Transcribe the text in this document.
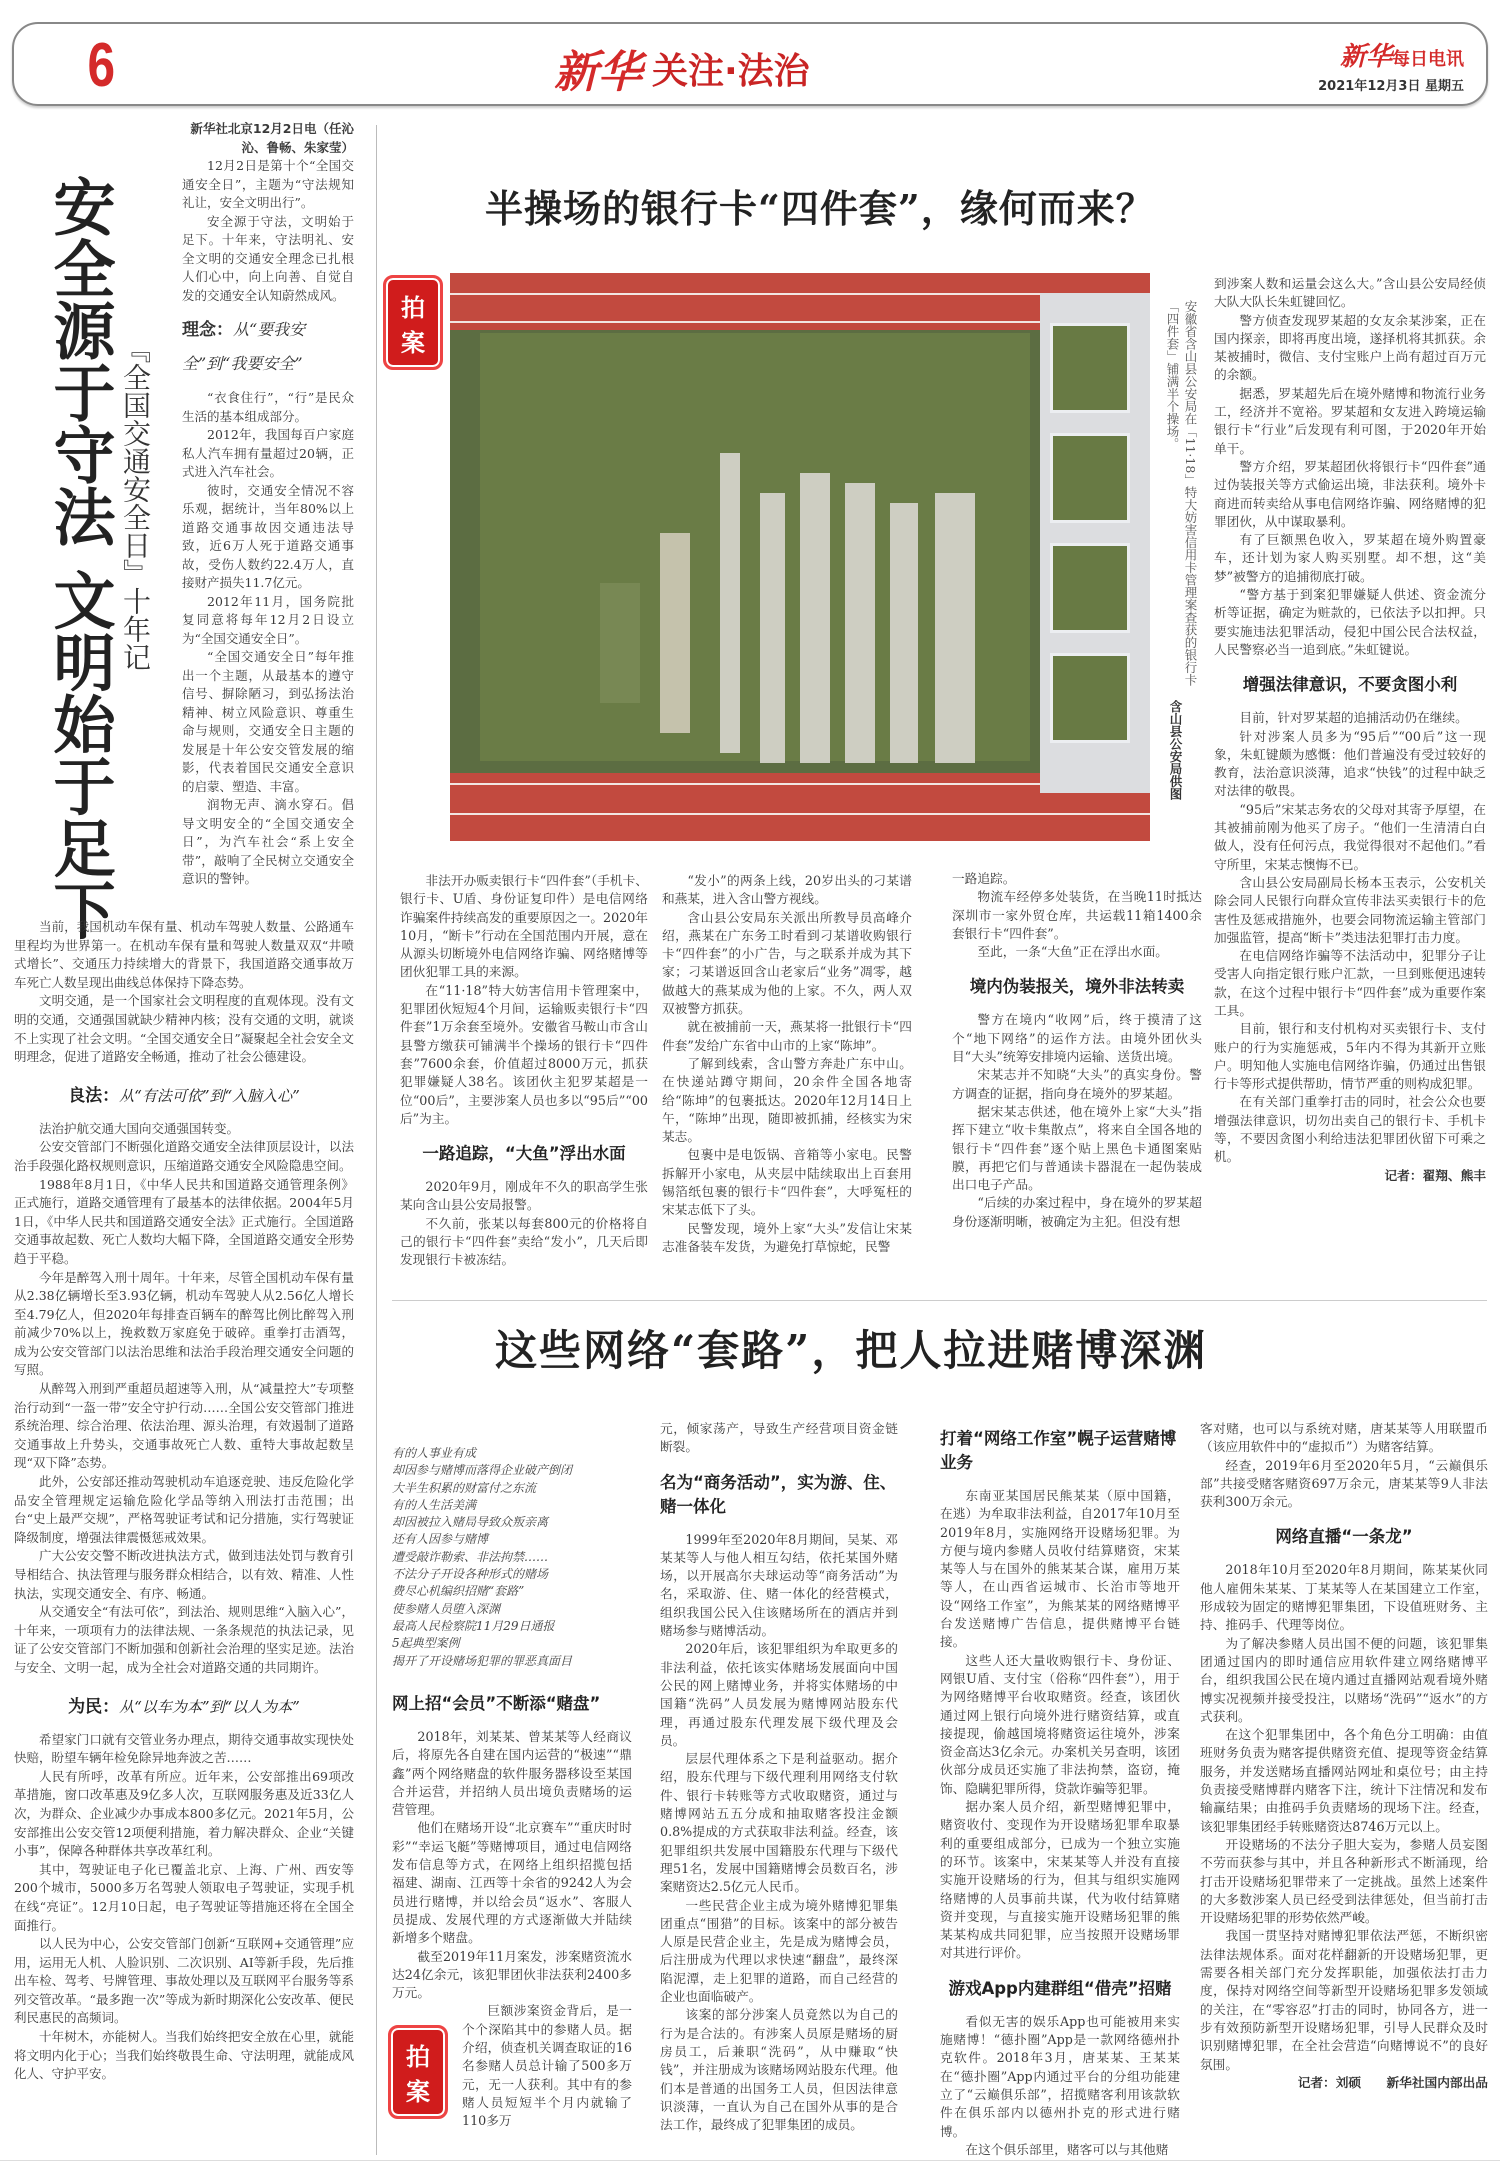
6	新华 关注·法治	新华每日电讯
2021年12月3日 星期五
安全源于守法 文明始于足下 『全国交通安全日』十年记

新华社北京12月2日电（任沁沁、鲁畅、朱家莹）

12月2日是第十个“全国交通安全日”，主题为“守法规知礼让，安全文明出行”。

安全源于守法，文明始于足下。十年来，守法明礼、安全文明的交通安全理念已扎根人们心中，向上向善、自觉自发的交通安全认知蔚然成风。

理念：从“要我安全”到“我要安全”

“衣食住行”，“行”是民众生活的基本组成部分。

2012年，我国每百户家庭私人汽车拥有量超过20辆，正式进入汽车社会。

彼时，交通安全情况不容乐观，据统计，当年80%以上道路交通事故因交通违法导致，近6万人死于道路交通事故，受伤人数约22.4万人，直接财产损失11.7亿元。

2012年11月，国务院批复同意将每年12月2日设立为“全国交通安全日”。

“全国交通安全日”每年推出一个主题，从最基本的遵守信号、摒除陋习，到弘扬法治精神、树立风险意识、尊重生命与规则，交通安全日主题的发展是十年公安交管发展的缩影，代表着国民交通安全意识的启蒙、塑造、丰富。

润物无声、滴水穿石。倡导文明安全的“全国交通安全日”，为汽车社会“系上安全带”，敲响了全民树立交通安全意识的警钟。

当前，我国机动车保有量、机动车驾驶人数量、公路通车里程均为世界第一。在机动车保有量和驾驶人数量双双“井喷式增长”、交通压力持续增大的背景下，我国道路交通事故万车死亡人数呈现出曲线总体保持下降态势。

文明交通，是一个国家社会文明程度的直观体现。没有文明的交通，交通强国就缺少精神内核；没有交通的文明，就谈不上实现了社会文明。“全国交通安全日”凝聚起全社会安全文明理念，促进了道路安全畅通，推动了社会公德建设。

良法：从“有法可依”到“入脑入心”

法治护航交通大国向交通强国转变。

公安交管部门不断强化道路交通安全法律顶层设计，以法治手段强化路权规则意识，压缩道路交通安全风险隐患空间。

1988年8月1日，《中华人民共和国道路交通管理条例》正式施行，道路交通管理有了最基本的法律依据。2004年5月1日，《中华人民共和国道路交通安全法》正式施行。全国道路交通事故起数、死亡人数均大幅下降，全国道路交通安全形势趋于平稳。

今年是醉驾入刑十周年。十年来，尽管全国机动车保有量从2.38亿辆增长至3.93亿辆，机动车驾驶人从2.56亿人增长至4.79亿人，但2020年每排查百辆车的醉驾比例比醉驾入刑前减少70%以上，挽救数万家庭免于破碎。重拳打击酒驾，成为公安交管部门以法治思维和法治手段治理交通安全问题的写照。

从醉驾入刑到严重超员超速等入刑，从“减量控大”专项整治行动到“一盔一带”安全守护行动……全国公安交管部门推进系统治理、综合治理、依法治理、源头治理，有效遏制了道路交通事故上升势头，交通事故死亡人数、重特大事故起数呈现“双下降”态势。

此外，公安部还推动驾驶机动车追逐竞驶、违反危险化学品安全管理规定运输危险化学品等纳入刑法打击范围；出台“史上最严交规”，严格驾驶证考试和记分措施，实行驾驶证降级制度，增强法律震慑惩戒效果。

广大公安交警不断改进执法方式，做到违法处罚与教育引导相结合、执法管理与服务群众相结合，以有效、精准、人性执法，实现交通安全、有序、畅通。

从交通安全“有法可依”，到法治、规则思维“入脑入心”，十年来，一项项有力的法律法规、一条条规范的执法记录，见证了公安交管部门不断加强和创新社会治理的坚实足迹。法治与安全、文明一起，成为全社会对道路交通的共同期许。

为民：从“以车为本”到“以人为本”

希望家门口就有交管业务办理点，期待交通事故实现快处快赔，盼望车辆年检免除异地奔波之苦……

人民有所呼，改革有所应。近年来，公安部推出69项改革措施，窗口改革惠及9亿多人次，互联网服务惠及近33亿人次，为群众、企业减少办事成本800多亿元。2021年5月，公安部推出公安交管12项便利措施，着力解决群众、企业“关键小事”，保障各种群体共享改革红利。

其中，驾驶证电子化已覆盖北京、上海、广州、西安等200个城市，5000多万名驾驶人领取电子驾驶证，实现手机在线“亮证”。12月10日起，电子驾驶证等措施还将在全国全面推行。

以人民为中心，公安交管部门创新“互联网+交通管理”应用，运用无人机、人脸识别、二次识别、AI等新手段，先后推出车检、驾考、号牌管理、事故处理以及互联网平台服务等系列交管改革。“最多跑一次”等成为新时期深化公安改革、便民利民惠民的高频词。

十年树木，亦能树人。当我们始终把安全放在心里，就能将文明内化于心；当我们始终敬畏生命、守法明理，就能成风化人、守护平安。

半操场的银行卡“四件套”，缘何而来？
拍
案	安徽省含山县公安局在「11·18」特大妨害信用卡管理案查获的银行卡「四件套」铺满半个操场。
含山县公安局供图

非法开办贩卖银行卡“四件套”（手机卡、银行卡、U盾、身份证复印件）是电信网络诈骗案件持续高发的重要原因之一。2020年10月，“断卡”行动在全国范围内开展，意在从源头切断境外电信网络诈骗、网络赌博等团伙犯罪工具的来源。

在“11·18”特大妨害信用卡管理案中，犯罪团伙短短4个月间，运输贩卖银行卡“四件套”1万余套至境外。安徽省马鞍山市含山县警方缴获可铺满半个操场的银行卡“四件套”7600余套，价值超过8000万元，抓获犯罪嫌疑人38名。该团伙主犯罗某超是一位“00后”，主要涉案人员也多以“95后”“00后”为主。

一路追踪，“大鱼”浮出水面

2020年9月，刚成年不久的职高学生张某向含山县公安局报警。

不久前，张某以每套800元的价格将自己的银行卡“四件套”卖给“发小”，几天后即发现银行卡被冻结。

“发小”的两条上线，20岁出头的刁某谱和燕某，进入含山警方视线。

含山县公安局东关派出所教导员高峰介绍，燕某在广东务工时看到刁某谱收购银行卡“四件套”的小广告，与之联系并成为其下家；刁某谱返回含山老家后“业务”凋零，越做越大的燕某成为他的上家。不久，两人双双被警方抓获。

就在被捕前一天，燕某将一批银行卡“四件套”发给广东省中山市的上家“陈坤”。

了解到线索，含山警方奔赴广东中山。在快递站蹲守期间，20余件全国各地寄给“陈坤”的包裹抵达。2020年12月14日上午，“陈坤”出现，随即被抓捕，经核实为宋某志。

包裹中是电饭锅、音箱等小家电。民警拆解开小家电，从夹层中陆续取出上百套用锡箔纸包裹的银行卡“四件套”，大呼冤枉的宋某志低下了头。

民警发现，境外上家“大头”发信让宋某志准备装车发货，为避免打草惊蛇，民警

一路追踪。

物流车经停多处装货，在当晚11时抵达深圳市一家外贸仓库，共运载11箱1400余套银行卡“四件套”。

至此，一条“大鱼”正在浮出水面。

境内伪装报关，境外非法转卖

警方在境内“收网”后，终于摸清了这个“地下网络”的运作方法。由境外团伙头目“大头”统筹安排境内运输、送货出境。

宋某志并不知晓“大头”的真实身份。警方调查的证据，指向身在境外的罗某超。

据宋某志供述，他在境外上家“大头”指挥下建立“收卡集散点”，将来自全国各地的银行卡“四件套”逐个贴上黑色卡通图案贴膜，再把它们与普通读卡器混在一起伪装成出口电子产品。

“后续的办案过程中，身在境外的罗某超身份逐渐明晰，被确定为主犯。但没有想

到涉案人数和运量会这么大。”含山县公安局经侦大队大队长朱虹键回忆。

警方侦查发现罗某超的女友余某涉案，正在国内探亲，即将再度出境，遂择机将其抓获。余某被捕时，微信、支付宝账户上尚有超过百万元的余额。

据悉，罗某超先后在境外赌博和物流行业务工，经济并不宽裕。罗某超和女友进入跨境运输银行卡“行业”后发现有利可图，于2020年开始单干。

警方介绍，罗某超团伙将银行卡“四件套”通过伪装报关等方式偷运出境，非法获利。境外卡商进而转卖给从事电信网络诈骗、网络赌博的犯罪团伙，从中谋取暴利。

有了巨额黑色收入，罗某超在境外购置豪车，还计划为家人购买别墅。却不想，这“美梦”被警方的追捕彻底打破。

“警方基于到案犯罪嫌疑人供述、资金流分析等证据，确定为赃款的，已依法予以扣押。只要实施违法犯罪活动，侵犯中国公民合法权益，人民警察必当一追到底。”朱虹键说。

增强法律意识，不要贪图小利

目前，针对罗某超的追捕活动仍在继续。

针对涉案人员多为“95后”“00后”这一现象，朱虹键颇为感慨：他们普遍没有受过较好的教育，法治意识淡薄，追求“快钱”的过程中缺乏对法律的敬畏。

“95后”宋某志务农的父母对其寄予厚望，在其被捕前刚为他买了房子。“他们一生清清白白做人，没有任何污点，我觉得很对不起他们。”看守所里，宋某志懊悔不已。

含山县公安局副局长杨本玉表示，公安机关除会同人民银行向群众宣传非法买卖银行卡的危害性及惩戒措施外，也要会同物流运输主管部门加强监管，提高“断卡”类违法犯罪打击力度。

在电信网络诈骗等不法活动中，犯罪分子让受害人向指定银行账户汇款，一旦到账便迅速转款，在这个过程中银行卡“四件套”成为重要作案工具。

目前，银行和支付机构对买卖银行卡、支付账户的行为实施惩戒，5年内不得为其新开立账户。明知他人实施电信网络诈骗，仍通过出售银行卡等形式提供帮助，情节严重的则构成犯罪。

在有关部门重拳打击的同时，社会公众也要增强法律意识，切勿出卖自己的银行卡、手机卡等，不要因贪图小利给违法犯罪团伙留下可乘之机。

记者：翟翔、熊丰

这些网络“套路”，把人拉进赌博深渊
有的人事业有成
却因参与赌博而落得企业破产倒闭
大半生积累的财富付之东流
有的人生活美满
却因被拉入赌局导致众叛亲离
还有人因参与赌博
遭受敲诈勒索、非法拘禁……
不法分子开设各种形式的赌场
费尽心机编织招赌“套路”
使参赌人员堕入深渊
最高人民检察院11月29日通报
5起典型案例
揭开了开设赌场犯罪的罪恶真面目
网上招“会员”不断添“赌盘”

2018年，刘某某、曾某某等人经商议后，将原先各自建在国内运营的“极速”“鼎鑫”两个网络赌盘的软件服务器移设至某国合并运营，并招纳人员出境负责赌场的运营管理。

他们在赌场开设“北京赛车”“重庆时时彩”“幸运飞艇”等赌博项目，通过电信网络发布信息等方式，在网络上组织招揽包括福建、湖南、江西等十余省的9242人为会员进行赌博，并以给会员“返水”、客服人员提成、发展代理的方式逐渐做大并陆续新增多个赌盘。

截至2019年11月案发，涉案赌资流水达24亿余元，该犯罪团伙非法获利2400多万元。

巨额涉案资金背后，是一个个深陷其中的参赌人员。据介绍，侦查机关调查取证的16名参赌人员总计输了500多万元，无一人获利。其中有的参赌人员短短半个月内就输了110多万

拍
案

元，倾家荡产，导致生产经营项目资金链断裂。

名为“商务活动”，实为游、住、赌一体化

1999年至2020年8月期间，吴某、邓某某等人与他人相互勾结，依托某国外赌场，以开展高尔夫球运动等“商务活动”为名，采取游、住、赌一体化的经营模式，组织我国公民入住该赌场所在的酒店并到赌场参与赌博活动。

2020年后，该犯罪组织为牟取更多的非法利益，依托该实体赌场发展面向中国公民的网上赌博业务，并将实体赌场的中国籍“洗码”人员发展为赌博网站股东代理，再通过股东代理发展下级代理及会员。

层层代理体系之下是利益驱动。据介绍，股东代理与下级代理利用网络支付软件、银行卡转账等方式收取赌资，通过与赌博网站五五分成和抽取赌客投注金额0.8%提成的方式获取非法利益。经查，该犯罪组织共发展中国籍股东代理与下级代理51名，发展中国籍赌博会员数百名，涉案赌资达2.5亿元人民币。

一些民营企业主成为境外赌博犯罪集团重点“围猎”的目标。该案中的部分被告人原是民营企业主，先是成为赌博会员，后注册成为代理以求快速“翻盘”，最终深陷泥潭，走上犯罪的道路，而自己经营的企业也面临破产。

该案的部分涉案人员竟然以为自己的行为是合法的。有涉案人员原是赌场的厨房员工，后兼职“洗码”，从中赚取“快钱”，并注册成为该赌场网站股东代理。他们本是普通的出国务工人员，但因法律意识淡薄，一直认为自己在国外从事的是合法工作，最终成了犯罪集团的成员。

打着“网络工作室”幌子运营赌博业务

东南亚某国居民熊某某（原中国籍，在逃）为牟取非法利益，自2017年10月至2019年8月，实施网络开设赌场犯罪。为方便与境内参赌人员收付结算赌资，宋某某等人与在国外的熊某某合谋，雇用万某等人，在山西省运城市、长治市等地开设“网络工作室”，为熊某某的网络赌博平台发送赌博广告信息，提供赌博平台链接。

这些人还大量收购银行卡、身份证、网银U盾、支付宝（俗称“四件套”），用于为网络赌博平台收取赌资。经查，该团伙通过网上银行向境外进行赌资结算，或直接提现，偷越国境将赌资运往境外，涉案资金高达3亿余元。办案机关另查明，该团伙部分成员还实施了非法拘禁，盗窃，掩饰、隐瞒犯罪所得，贷款诈骗等犯罪。

据办案人员介绍，新型赌博犯罪中，赌资收付、变现作为开设赌场犯罪牟取暴利的重要组成部分，已成为一个独立实施的环节。该案中，宋某某等人并没有直接实施开设赌场的行为，但其与组织实施网络赌博的人员事前共谋，代为收付结算赌资并变现，与直接实施开设赌场犯罪的熊某某构成共同犯罪，应当按照开设赌场罪对其进行评价。

游戏App内建群组“借壳”招赌

看似无害的娱乐App也可能被用来实施赌博！“德扑圈”App是一款网络德州扑克软件。2018年3月，唐某某、王某某在“德扑圈”App内通过平台的分组功能建立了“云巅俱乐部”，招揽赌客利用该款软件在俱乐部内以德州扑克的形式进行赌博。

在这个俱乐部里，赌客可以与其他赌

客对赌，也可以与系统对赌，唐某某等人用联盟币（该应用软件中的“虚拟币”）为赌客结算。

经查，2019年6月至2020年5月，“云巅俱乐部”共接受赌客赌资697万余元，唐某某等9人非法获利300万余元。

网络直播“一条龙”

2018年10月至2020年8月期间，陈某某伙同他人雇佣朱某某、丁某某等人在某国建立工作室，形成较为固定的赌博犯罪集团，下设值班财务、主持、推码手、代理等岗位。

为了解决参赌人员出国不便的问题，该犯罪集团通过国内的即时通信应用软件建立网络赌博平台，组织我国公民在境内通过直播网站观看境外赌博实况视频并接受投注，以赌场“洗码”“返水”的方式获利。

在这个犯罪集团中，各个角色分工明确：由值班财务负责为赌客提供赌资充值、提现等资金结算服务，并发送赌场直播网站网址和桌位号；由主持负责接受赌博群内赌客下注，统计下注情况和发布输赢结果；由推码手负责赌场的现场下注。经查，该犯罪集团经手转账赌资达8746万元以上。

开设赌场的不法分子胆大妄为，参赌人员妄图不劳而获参与其中，并且各种新形式不断涌现，给打击开设赌场犯罪带来了一定挑战。虽然上述案件的大多数涉案人员已经受到法律惩处，但当前打击开设赌场犯罪的形势依然严峻。

我国一贯坚持对赌博犯罪依法严惩，不断织密法律法规体系。面对花样翻新的开设赌场犯罪，更需要各相关部门充分发挥职能，加强依法打击力度，保持对网络空间等新型开设赌场犯罪多发领域的关注，在“零容忍”打击的同时，协同各方，进一步有效预防新型开设赌场犯罪，引导人民群众及时识别赌博犯罪，在全社会营造“向赌博说不”的良好氛围。

记者：刘硕　　新华社国内部出品
